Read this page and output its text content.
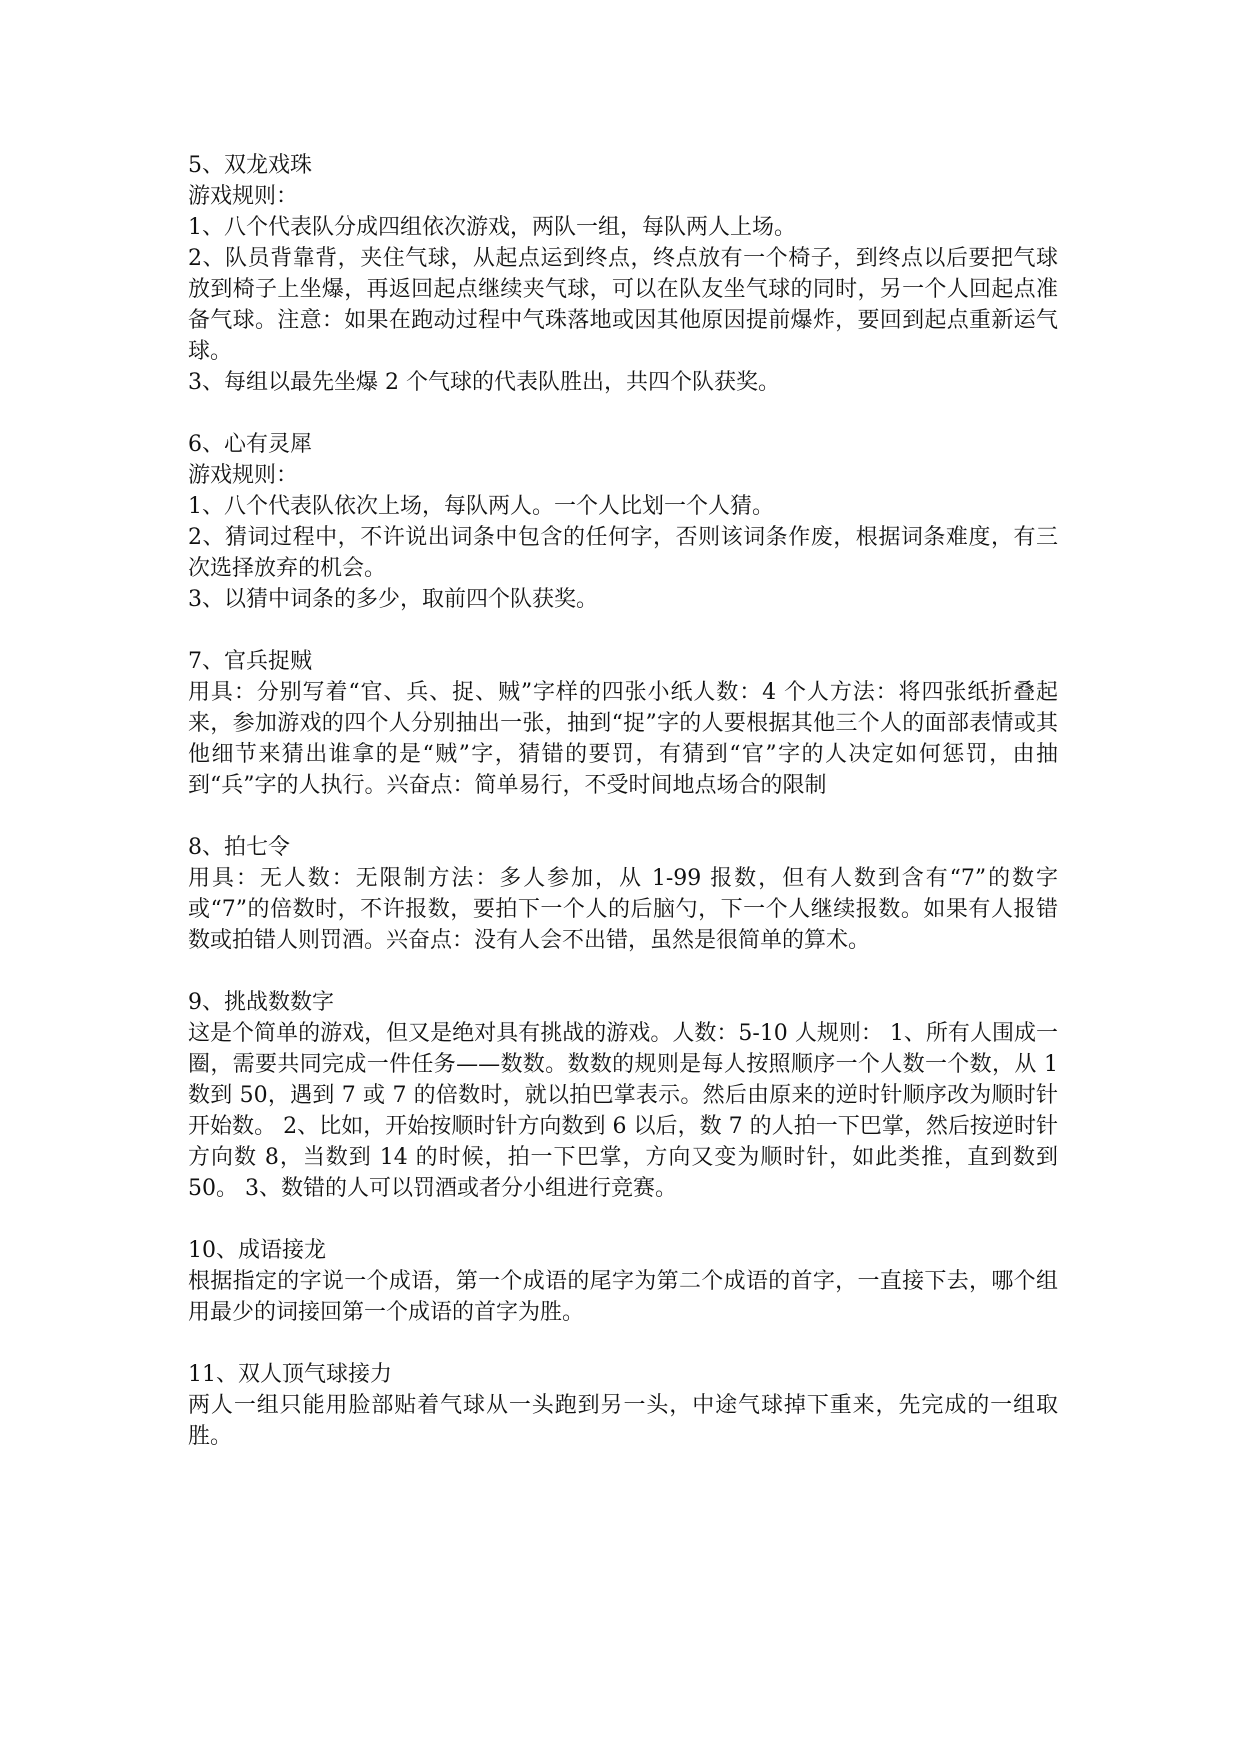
5、双龙戏珠
游戏规则：
1、八个代表队分成四组依次游戏，两队一组，每队两人上场。
2、队员背靠背，夹住气球，从起点运到终点，终点放有一个椅子，到终点以后要把气球放到椅子上坐爆，再返回起点继续夹气球，可以在队友坐气球的同时，另一个人回起点准备气球。注意：如果在跑动过程中气珠落地或因其他原因提前爆炸，要回到起点重新运气球。
3、每组以最先坐爆 2 个气球的代表队胜出，共四个队获奖。
6、心有灵犀
游戏规则：
1、八个代表队依次上场，每队两人。一个人比划一个人猜。
2、猜词过程中，不许说出词条中包含的任何字，否则该词条作废，根据词条难度，有三次选择放弃的机会。
3、以猜中词条的多少，取前四个队获奖。
7、官兵捉贼
用具：分别写着“官、兵、捉、贼”字样的四张小纸人数：4 个人方法：将四张纸折叠起来，参加游戏的四个人分别抽出一张，抽到“捉”字的人要根据其他三个人的面部表情或其他细节来猜出谁拿的是“贼”字，猜错的要罚，有猜到“官”字的人决定如何惩罚，由抽到“兵”字的人执行。兴奋点：简单易行，不受时间地点场合的限制
8、拍七令
用具：无人数：无限制方法：多人参加，从 1-99 报数，但有人数到含有“7”的数字或“7”的倍数时，不许报数，要拍下一个人的后脑勺，下一个人继续报数。如果有人报错数或拍错人则罚酒。兴奋点：没有人会不出错，虽然是很简单的算术。
9、挑战数数字
这是个简单的游戏，但又是绝对具有挑战的游戏。人数：5-10 人规则： 1、所有人围成一圈，需要共同完成一件任务——数数。数数的规则是每人按照顺序一个人数一个数，从 1 数到 50，遇到 7 或 7 的倍数时，就以拍巴掌表示。然后由原来的逆时针顺序改为顺时针开始数。 2、比如，开始按顺时针方向数到 6 以后，数 7 的人拍一下巴掌，然后按逆时针方向数 8，当数到 14 的时候，拍一下巴掌，方向又变为顺时针，如此类推，直到数到 50。 3、数错的人可以罚酒或者分小组进行竞赛。
10、成语接龙
根据指定的字说一个成语，第一个成语的尾字为第二个成语的首字，一直接下去，哪个组用最少的词接回第一个成语的首字为胜。
11、双人顶气球接力
两人一组只能用脸部贴着气球从一头跑到另一头，中途气球掉下重来，先完成的一组取胜。
